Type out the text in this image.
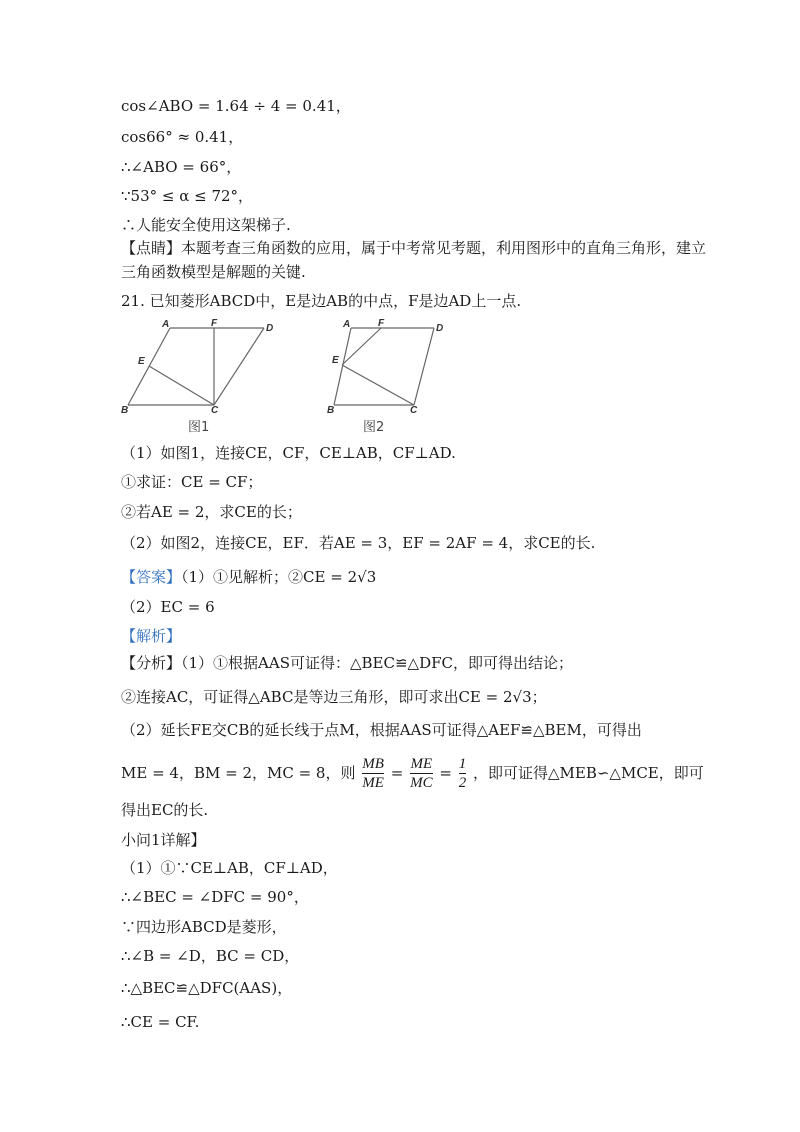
cos∠ABO = 1.64 ÷ 4 = 0.41，
cos66° ≈ 0.41，
∴∠ABO = 66°，
∵53° ≤ α ≤ 72°，
∴人能安全使用这架梯子.
【点睛】本题考查三角函数的应用，属于中考常见考题，利用图形中的直角三角形，建立
三角函数模型是解题的关键.
21. 已知菱形ABCD中，E是边AB的中点，F是边AD上一点.
A	F	D
E
B	C
图1
A	F	D
E
B	C
图2
（1）如图1，连接CE，CF，CE⊥AB，CF⊥AD.
①求证：CE = CF；
②若AE = 2，求CE的长；
（2）如图2，连接CE，EF．若AE = 3，EF = 2AF = 4，求CE的长.
【答案】（1）①见解析；②CE = 2√3
（2）EC = 6
【解析】
【分析】（1）①根据AAS可证得：△BEC≌△DFC，即可得出结论；
②连接AC，可证得△ABC是等边三角形，即可求出CE = 2√3；
（2）延长FE交CB的延长线于点M，根据AAS可证得△AEF≌△BEM，可得出
ME = 4，BM = 2，MC = 8，则 $\frac{MB}{ME} = \frac{ME}{MC} = \frac{1}{2}$ ，即可证得△MEB∽△MCE，即可
得出EC的长.
小问1详解】
（1）①∵CE⊥AB，CF⊥AD，
∴∠BEC = ∠DFC = 90°，
∵四边形ABCD是菱形，
∴∠B = ∠D，BC = CD，
∴△BEC≌△DFC(AAS)，
∴CE = CF.
